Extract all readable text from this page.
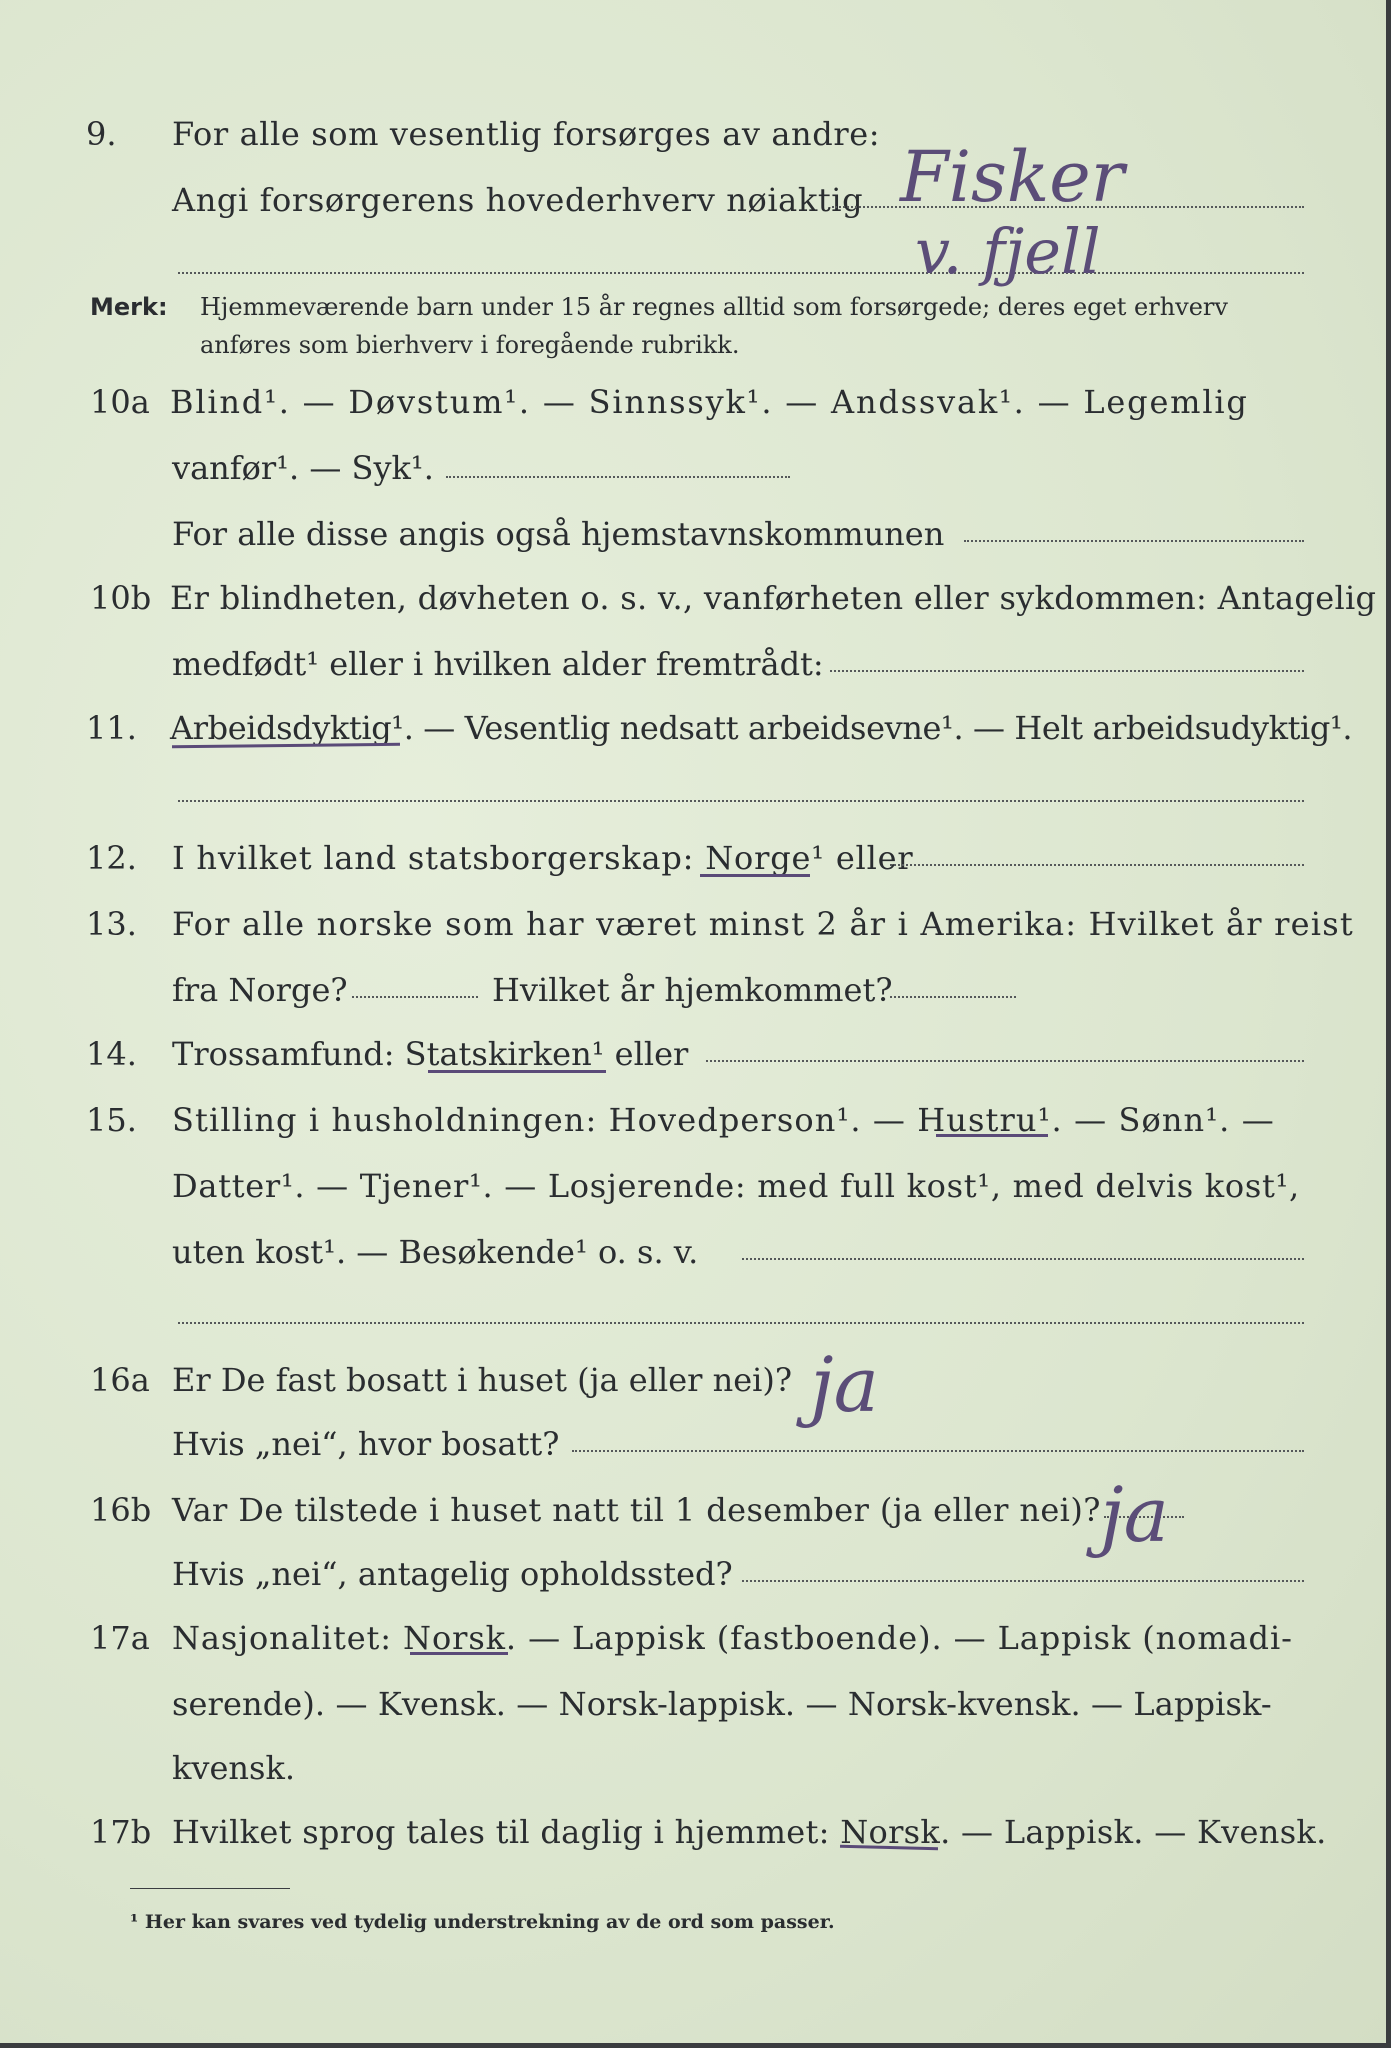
9. For alle som vesentlig forsørges av andre:
Angi forsørgerens hovederhverv nøiaktig Fisker
v. fjell
Merk: Hjemmeværende barn under 15 år regnes alltid som forsørgede; deres eget erhverv
anføres som bierhverv i foregående rubrikk.
10a Blind¹. — Døvstum¹. — Sinnssyk¹. — Andssvak¹. — Legemlig
vanfør¹. — Syk¹.
For alle disse angis også hjemstavnskommunen
10b Er blindheten, døvheten o. s. v., vanførheten eller sykdommen: Antagelig
medfødt¹ eller i hvilken alder fremtrådt:
11. Arbeidsdyktig¹. — Vesentlig nedsatt arbeidsevne¹. — Helt arbeidsudyktig¹.
12. I hvilket land statsborgerskap: Norge¹ eller
13. For alle norske som har været minst 2 år i Amerika: Hvilket år reist
fra Norge?	Hvilket år hjemkommet?
14. Trossamfund: Statskirken¹ eller
15. Stilling i husholdningen: Hovedperson¹. — Hustru¹. — Sønn¹. —
Datter¹. — Tjener¹. — Losjerende: med full kost¹, med delvis kost¹,
uten kost¹. — Besøkende¹ o. s. v.
16a Er De fast bosatt i huset (ja eller nei)? ja
Hvis „nei“, hvor bosatt?
16b Var De tilstede i huset natt til 1 desember (ja eller nei)? ja
Hvis „nei“, antagelig opholdssted?
17a Nasjonalitet: Norsk. — Lappisk (fastboende). — Lappisk (nomadi-
serende). — Kvensk. — Norsk-lappisk. — Norsk-kvensk. — Lappisk-
kvensk.
17b Hvilket sprog tales til daglig i hjemmet: Norsk. — Lappisk. — Kvensk.
¹ Her kan svares ved tydelig understrekning av de ord som passer.
